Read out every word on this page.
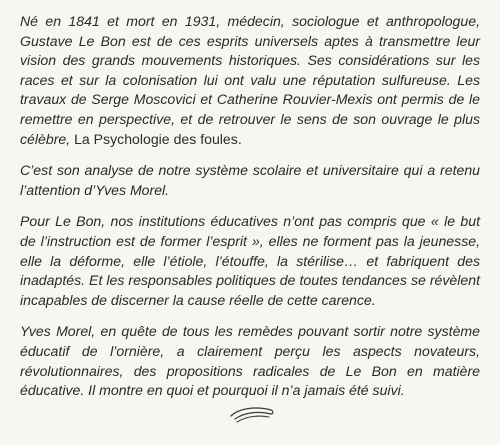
Né en 1841 et mort en 1931, médecin, sociologue et anthropologue, Gustave Le Bon est de ces esprits universels aptes à transmettre leur vision des grands mouvements historiques. Ses considérations sur les races et sur la colonisation lui ont valu une réputation sulfureuse. Les travaux de Serge Moscovici et Catherine Rouvier-Mexis ont permis de le remettre en perspective, et de retrouver le sens de son ouvrage le plus célèbre, La Psychologie des foules.

C’est son analyse de notre système scolaire et universitaire qui a retenu l’attention d’Yves Morel.

Pour Le Bon, nos institutions éducatives n’ont pas compris que « le but de l’instruction est de former l’esprit », elles ne forment pas la jeunesse, elle la déforme, elle l’étiole, l’étouffe, la stérilise… et fabriquent des inadaptés. Et les responsables politiques de toutes tendances se révèlent incapables de discerner la cause réelle de cette carence.

Yves Morel, en quête de tous les remèdes pouvant sortir notre système éducatif de l’ornière, a clairement perçu les aspects novateurs, révolutionnaires, des propositions radicales de Le Bon en matière éducative. Il montre en quoi et pourquoi il n’a jamais été suivi.
